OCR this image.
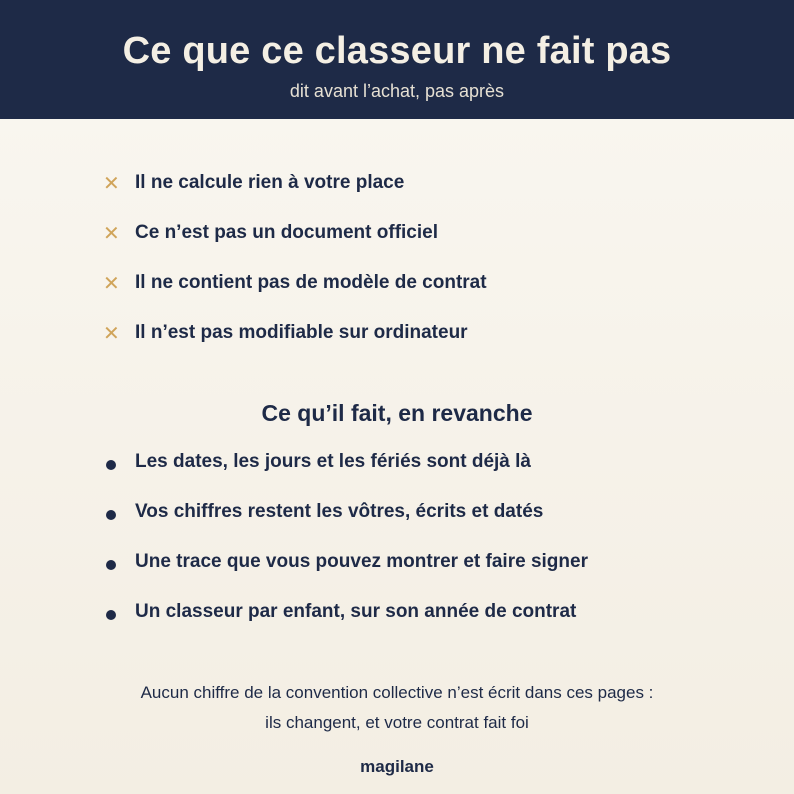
Ce que ce classeur ne fait pas
dit avant l’achat, pas après
✕ Il ne calcule rien à votre place
✕ Ce n’est pas un document officiel
✕ Il ne contient pas de modèle de contrat
✕ Il n’est pas modifiable sur ordinateur
Ce qu’il fait, en revanche
Les dates, les jours et les fériés sont déjà là
Vos chiffres restent les vôtres, écrits et datés
Une trace que vous pouvez montrer et faire signer
Un classeur par enfant, sur son année de contrat
Aucun chiffre de la convention collective n’est écrit dans ces pages :
ils changent, et votre contrat fait foi
magilane
